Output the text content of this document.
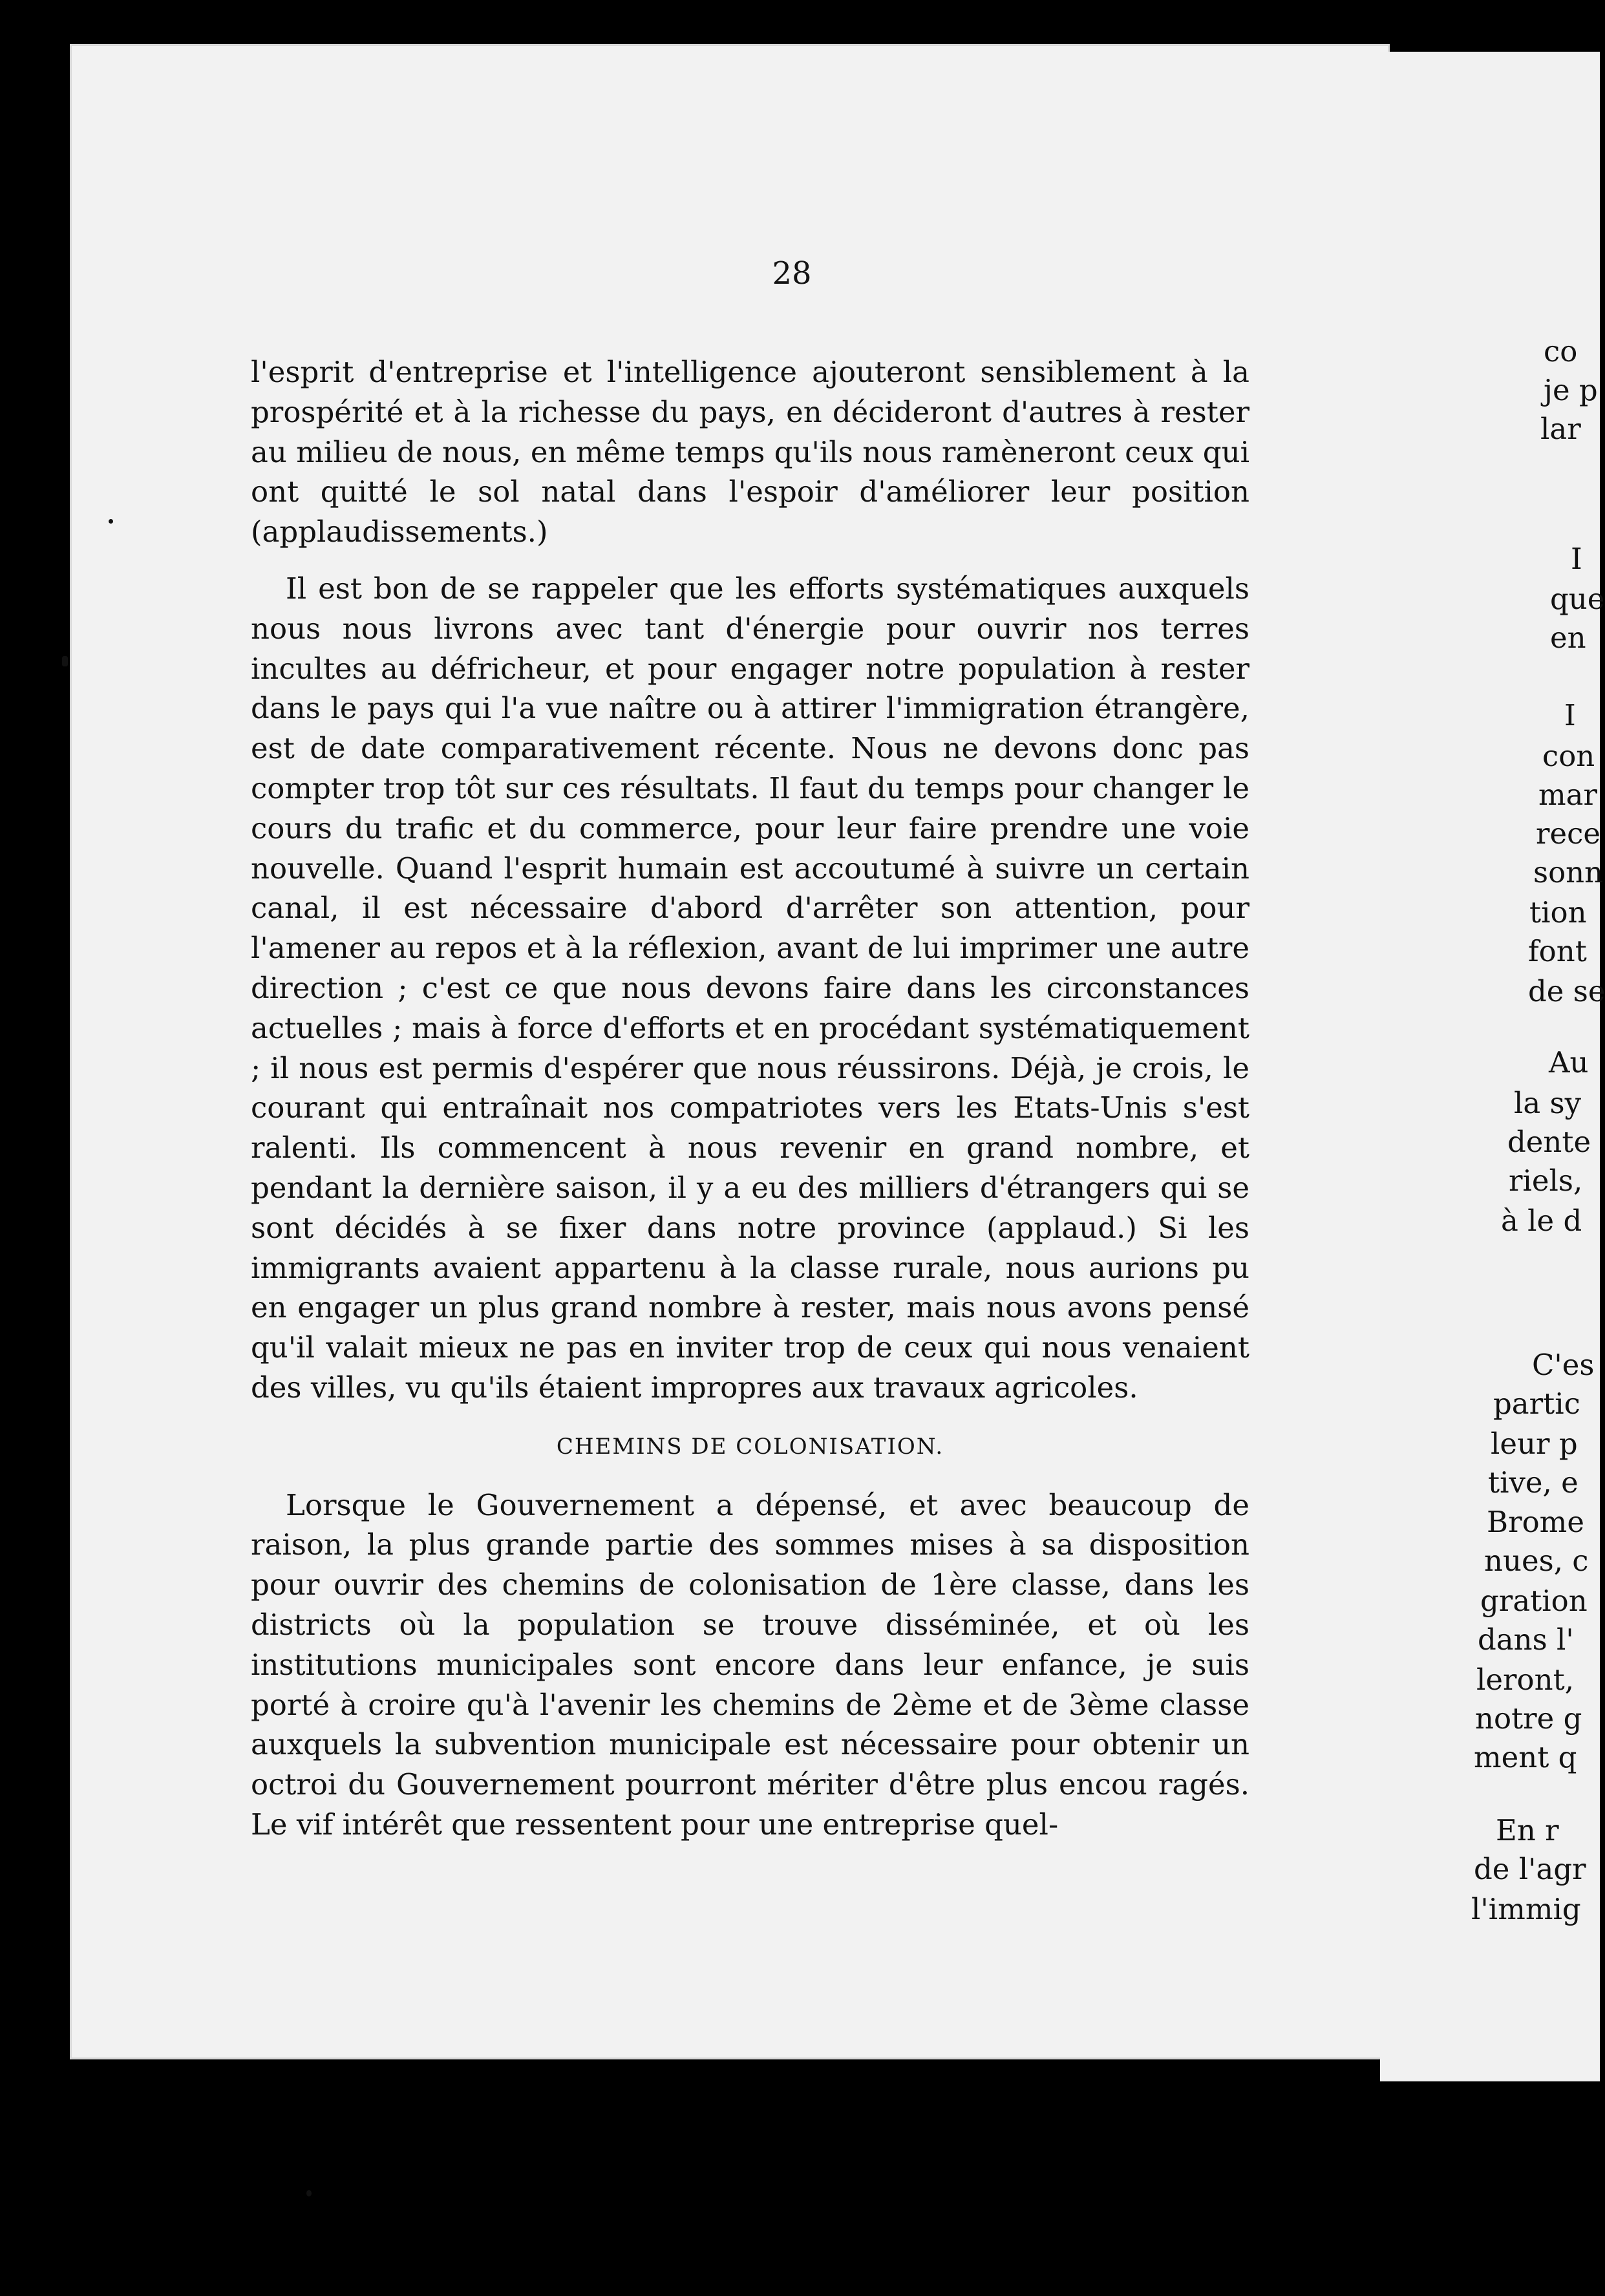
28

l'esprit d'entreprise et l'intelligence ajouteront sensiblement à la prospérité et à la richesse du pays, en décideront d'autres à rester au milieu de nous, en même temps qu'ils nous ramèneront ceux qui ont quitté le sol natal dans l'espoir d'améliorer leur position (applaudissements.)

Il est bon de se rappeler que les efforts systématiques auxquels nous nous livrons avec tant d'énergie pour ouvrir nos terres incultes au défricheur, et pour engager notre population à rester dans le pays qui l'a vue naître ou à attirer l'immigration étrangère, est de date comparativement récente. Nous ne devons donc pas compter trop tôt sur ces résultats. Il faut du temps pour changer le cours du trafic et du commerce, pour leur faire prendre une voie nouvelle. Quand l'esprit humain est accoutumé à suivre un certain canal, il est nécessaire d'abord d'arrêter son attention, pour l'amener au repos et à la réflexion, avant de lui imprimer une autre direction ; c'est ce que nous devons faire dans les circonstances actuelles ; mais à force d'efforts et en procédant systématiquement ; il nous est permis d'espérer que nous réussirons. Déjà, je crois, le courant qui entraînait nos compatriotes vers les Etats-Unis s'est ralenti. Ils commencent à nous revenir en grand nombre, et pendant la dernière saison, il y a eu des milliers d'étrangers qui se sont décidés à se fixer dans notre province (applaud.) Si les immigrants avaient appartenu à la classe rurale, nous aurions pu en engager un plus grand nombre à rester, mais nous avons pensé qu'il valait mieux ne pas en inviter trop de ceux qui nous venaient des villes, vu qu'ils étaient impropres aux travaux agricoles.

CHEMINS DE COLONISATION.

Lorsque le Gouvernement a dépensé, et avec beaucoup de raison, la plus grande partie des sommes mises à sa disposition pour ouvrir des chemins de colonisation de 1ère classe, dans les districts où la population se trouve disséminée, et où les institutions municipales sont encore dans leur enfance, je suis porté à croire qu'à l'avenir les chemins de 2ème et de 3ème classe auxquels la subvention municipale est nécessaire pour obtenir un octroi du Gouvernement pourront mériter d'être plus encou ragés. Le vif intérêt que ressentent pour une entreprise quel-

co
je p
lar
I
que
en
I
con
mar
rece
sonn
tion
font
de se
Au
la sy
dente
riels,
à le d
C'es
partic
leur p
tive, e
Brome
nues, c
gration
dans l'
leront,
notre g
ment q
En r
de l'agr
l'immig
